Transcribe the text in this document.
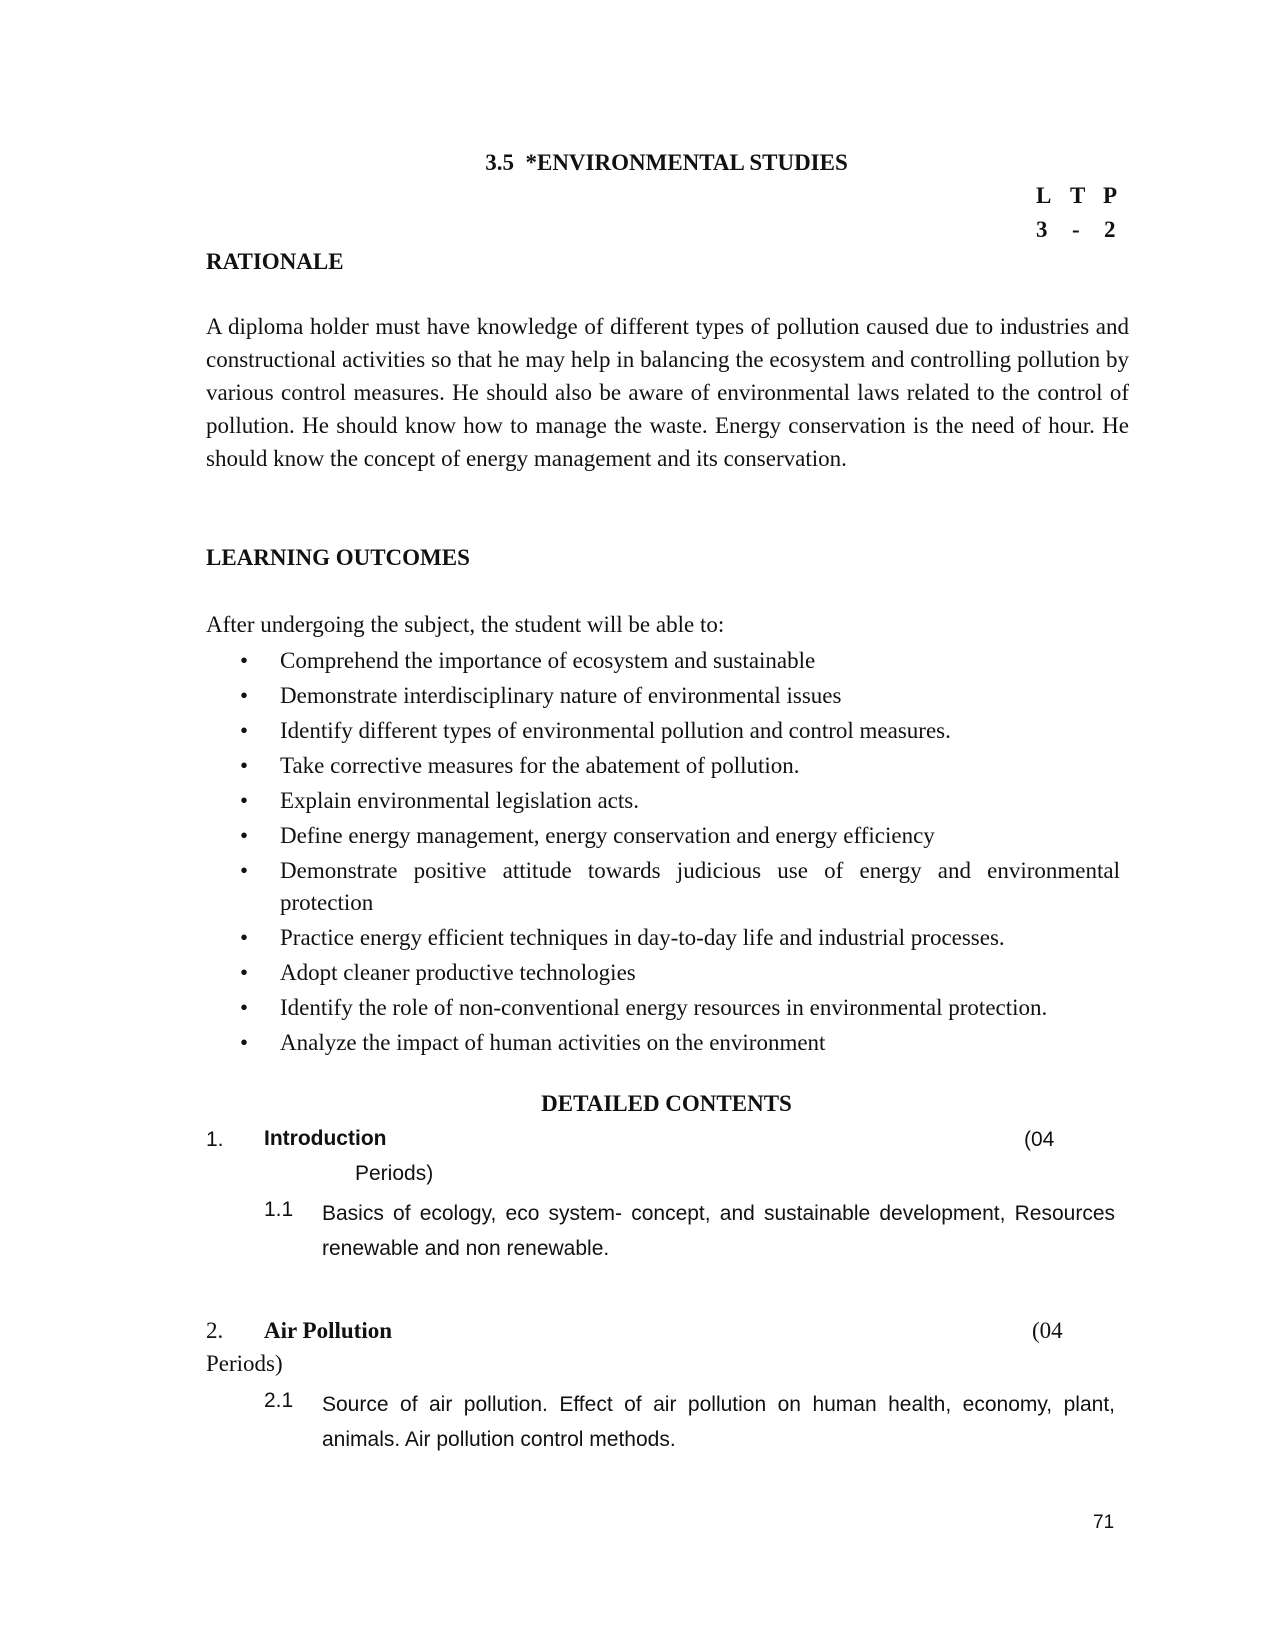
3.5  *ENVIRONMENTAL STUDIES
L T P
3 - 2
RATIONALE
A diploma holder must have knowledge of different types of pollution caused due to industries and constructional activities so that he may help in balancing the ecosystem and controlling pollution by various control measures. He should also be aware of environmental laws related to the control of pollution. He should know how to manage the waste. Energy conservation is the need of hour. He should know the concept of energy management and its conservation.
LEARNING OUTCOMES
After undergoing the subject, the student will be able to:
• Comprehend the importance of ecosystem and sustainable
• Demonstrate interdisciplinary nature of environmental issues
• Identify different types of environmental pollution and control measures.
• Take corrective measures for the abatement of pollution.
• Explain environmental legislation acts.
• Define energy management, energy conservation and energy efficiency
• Demonstrate positive attitude towards judicious use of energy and environmental protection
• Practice energy efficient techniques in day-to-day life and industrial processes.
• Adopt cleaner productive technologies
• Identify the role of non-conventional energy resources in environmental protection.
• Analyze the impact of human activities on the environment
DETAILED CONTENTS
1. Introduction	(04
Periods)
1.1 Basics of ecology, eco system- concept, and sustainable development, Resources renewable and non renewable.
2. Air Pollution	(04
Periods)
2.1 Source of air pollution. Effect of air pollution on human health, economy, plant, animals. Air pollution control methods.
71
